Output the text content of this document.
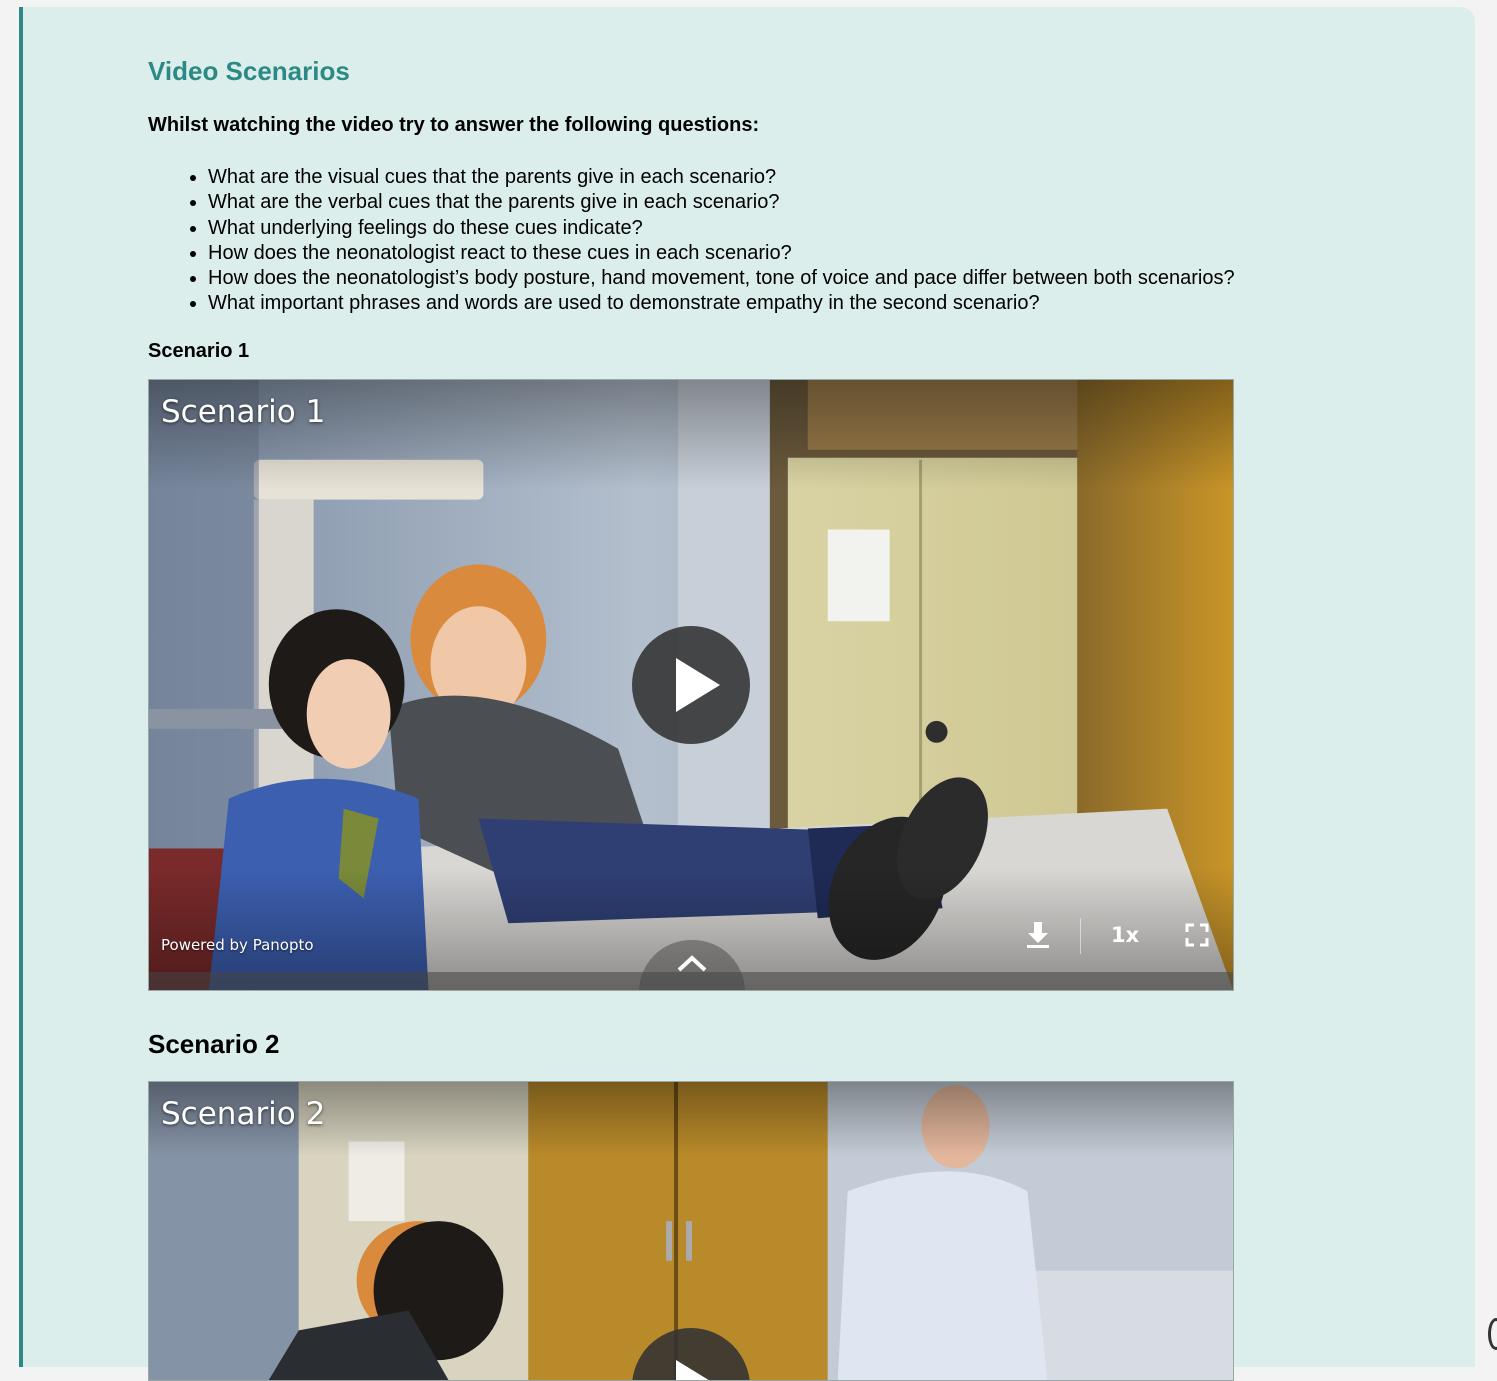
Video Scenarios

Whilst watching the video try to answer the following questions:

• What are the visual cues that the parents give in each scenario?
• What are the verbal cues that the parents give in each scenario?
• What underlying feelings do these cues indicate?
• How does the neonatologist react to these cues in each scenario?
• How does the neonatologist’s body posture, hand movement, tone of voice and pace differ between both scenarios?
• What important phrases and words are used to demonstrate empathy in the second scenario?
Scenario 1
Scenario 1
Powered by Panopto	1x
Scenario 2
Scenario 2
